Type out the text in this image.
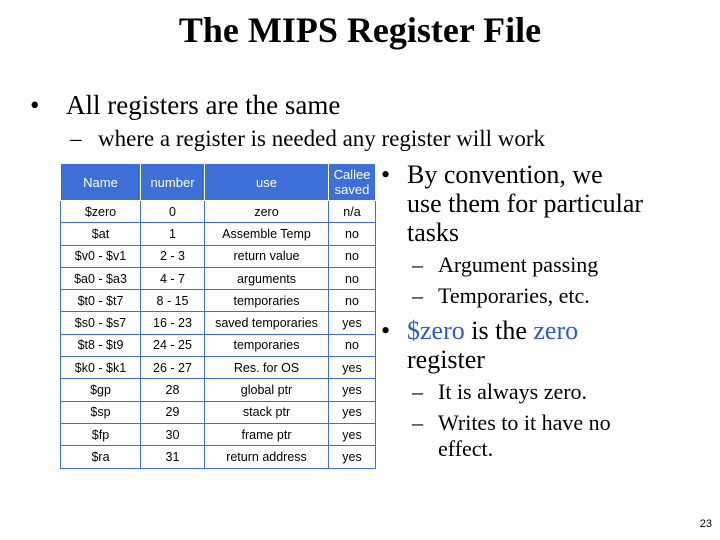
The MIPS Register File
• All registers are the same
– where a register is needed any register will work
Name	number	use	Callee saved
$zero	0	zero	n/a
$at	1	Assemble Temp	no
$v0 - $v1	2 - 3	return value	no
$a0 - $a3	4 - 7	arguments	no
$t0 - $t7	8 - 15	temporaries	no
$s0 - $s7	16 - 23	saved temporaries	yes
$t8 - $t9	24 - 25	temporaries	no
$k0 - $k1	26 - 27	Res. for OS	yes
$gp	28	global ptr	yes
$sp	29	stack ptr	yes
$fp	30	frame ptr	yes
$ra	31	return address	yes
• By convention, we
use them for particular
tasks
– Argument passing
– Temporaries, etc.
• $zero is the zero
register
– It is always zero.
– Writes to it have no
effect.
23
